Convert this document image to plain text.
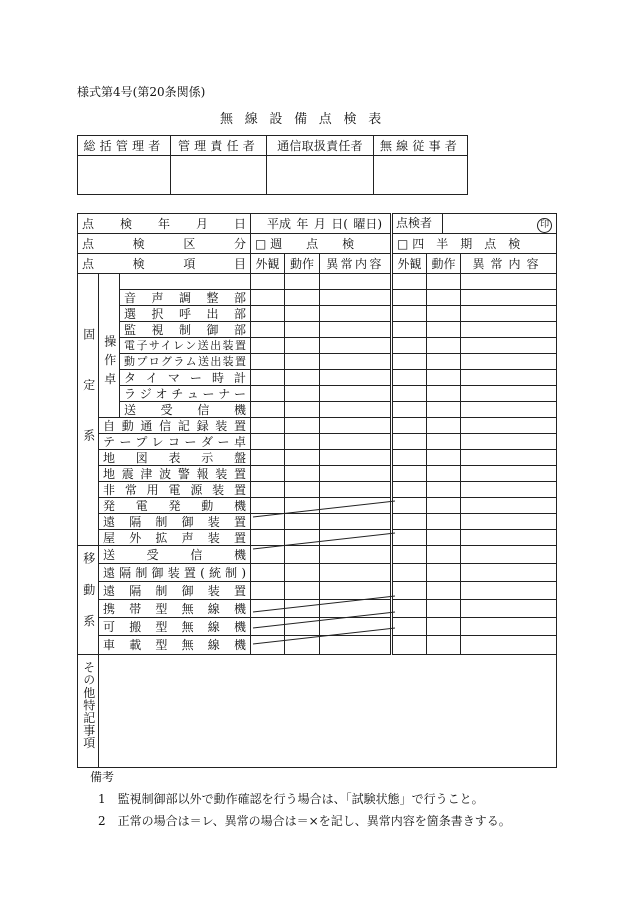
様式第4号(第20条関係)
無線設備点検表
総括管理者	管理責任者	通信取扱責任者	無線従事者

点検年月日			平成 年 月 日( 曜日)			点検者 印		

点検区分			□ 週　　点　　検			□ 四　半　期　点　検		
点検項目			外観	動作	異常内容	外観	動作	異常内容

固定系	操作卓							

		音声調整部						
		選択呼出部						
		監視制御部						
		電子サイレン送出装置						
		動プログラム送出装置						
		タイマー時計						
		ラジオチューナー						
		送受信機						
	自動通信記録装置							
	テープレコーダー卓							
	地図表示盤							
	地震津波警報装置							
	非常用電源装置							
	発電発動機							
	遠隔制御装置							
	屋外拡声装置							

移動系	送受信機							
	遠隔制御装置(統制)							
	遠隔制御装置							
	携帯型無線機							
	可搬型無線機							
	車載型無線機							

その他特記事項								

備考
1　監視制御部以外で動作確認を行う場合は、「試験状態」で行うこと。
2　正常の場合は＝レ、異常の場合は＝×を記し、異常内容を箇条書きする。
